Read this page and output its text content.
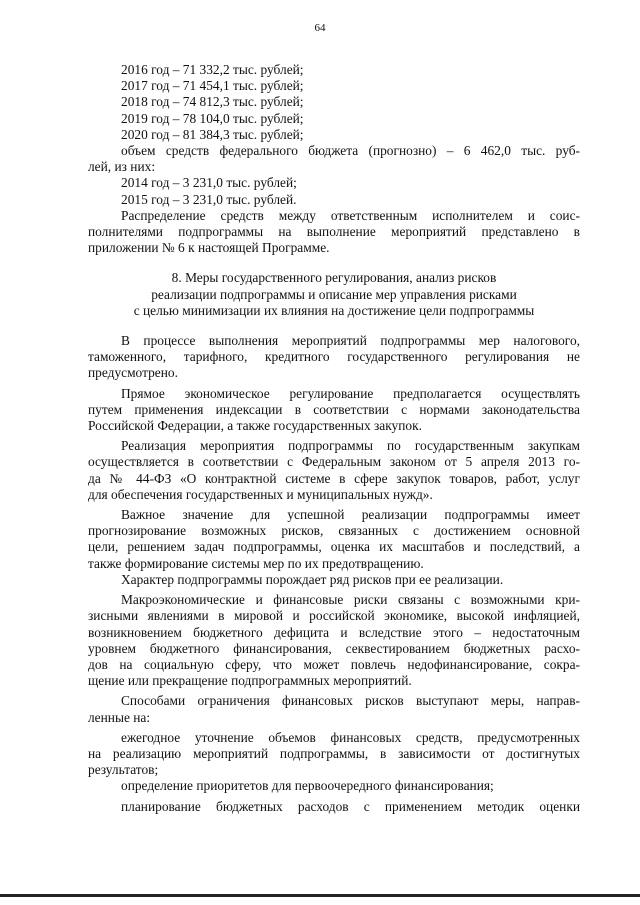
64
2016 год – 71 332,2 тыс. рублей;
2017 год – 71 454,1 тыс. рублей;
2018 год – 74 812,3 тыс. рублей;
2019 год – 78 104,0 тыс. рублей;
2020 год – 81 384,3 тыс. рублей;
объем средств федерального бюджета (прогнозно) – 6 462,0 тыс. руб-
лей, из них:
2014 год – 3 231,0 тыс. рублей;
2015 год – 3 231,0 тыс. рублей.
Распределение средств между ответственным исполнителем и соис-
полнителями подпрограммы на выполнение мероприятий представлено в
приложении № 6 к настоящей Программе.
8. Меры государственного регулирования, анализ рисков
реализации подпрограммы и описание мер управления рисками
с целью минимизации их влияния на достижение цели подпрограммы
В процессе выполнения мероприятий подпрограммы мер налогового,
таможенного, тарифного, кредитного государственного регулирования не
предусмотрено.
Прямое экономическое регулирование предполагается осуществлять
путем применения индексации в соответствии с нормами законодательства
Российской Федерации, а также государственных закупок.
Реализация мероприятия подпрограммы по государственным закупкам
осуществляется в соответствии с Федеральным законом от 5 апреля 2013 го-
да № 44-ФЗ «О контрактной системе в сфере закупок товаров, работ, услуг
для обеспечения государственных и муниципальных нужд».
Важное значение для успешной реализации подпрограммы имеет
прогнозирование возможных рисков, связанных с достижением основной
цели, решением задач подпрограммы, оценка их масштабов и последствий, а
также формирование системы мер по их предотвращению.
Характер подпрограммы порождает ряд рисков при ее реализации.
Макроэкономические и финансовые риски связаны с возможными кри-
зисными явлениями в мировой и российской экономике, высокой инфляцией,
возникновением бюджетного дефицита и вследствие этого – недостаточным
уровнем бюджетного финансирования, секвестированием бюджетных расхо-
дов на социальную сферу, что может повлечь недофинансирование, сокра-
щение или прекращение подпрограммных мероприятий.
Способами ограничения финансовых рисков выступают меры, направ-
ленные на:
ежегодное уточнение объемов финансовых средств, предусмотренных
на реализацию мероприятий подпрограммы, в зависимости от достигнутых
результатов;
определение приоритетов для первоочередного финансирования;
планирование бюджетных расходов с применением методик оценки
